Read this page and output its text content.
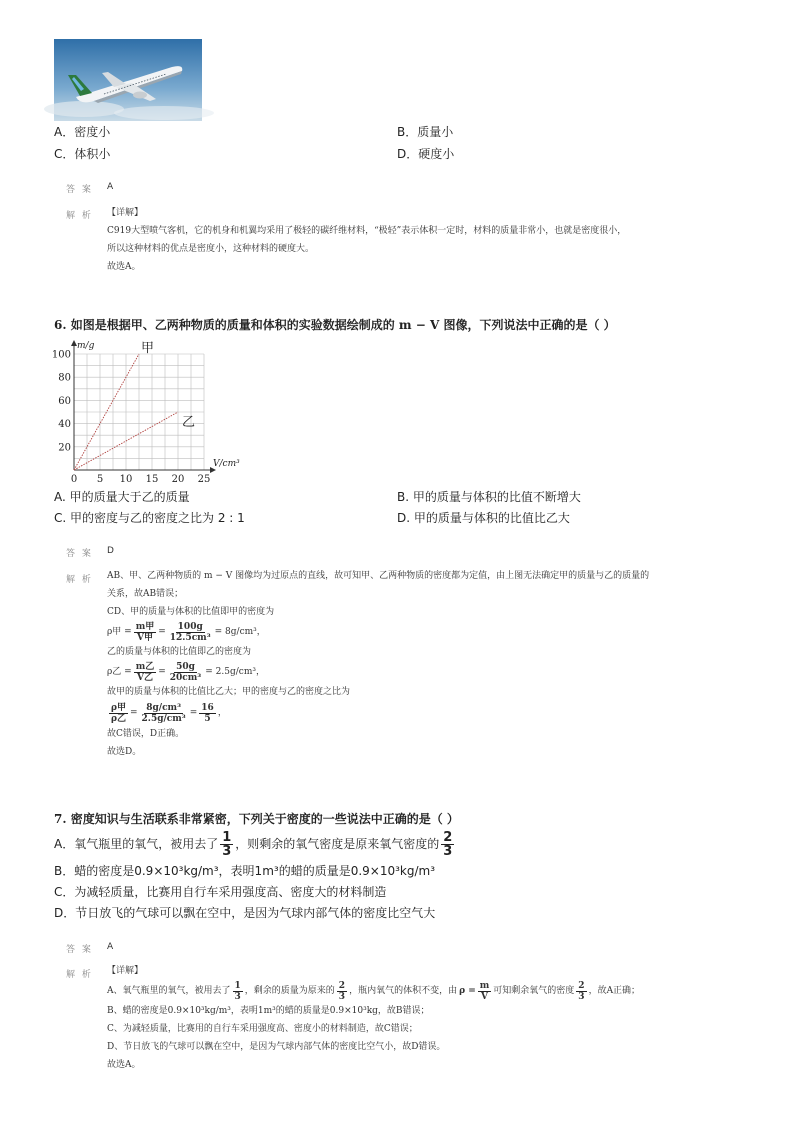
A．密度小	B．质量小
C．体积小	D．硬度小
答 案 A
解 析 【详解】
C919大型喷气客机，它的机身和机翼均采用了极轻的碳纤维材料，“极轻”表示体积一定时，材料的质量非常小，也就是密度很小，
所以这种材料的优点是密度小，这种材料的硬度大。
故选A。
6. 如图是根据甲、乙两种物质的质量和体积的实验数据绘制成的 m − V 图像，下列说法中正确的是（ ）
0 5 10 15 20 25
20
40
60
80
100
m/g
V/cm³
甲
乙
A. 甲的质量大于乙的质量	B. 甲的质量与体积的比值不断增大
C. 甲的密度与乙的密度之比为 2 : 1	D. 甲的质量与体积的比值比乙大
答 案 D
解 析 AB、甲、乙两种物质的 m − V 图像均为过原点的直线，故可知甲、乙两种物质的密度都为定值，由上图无法确定甲的质量与乙的质量的
关系，故AB错误；
CD、甲的质量与体积的比值即甲的密度为
ρ甲 = $\frac{\text{m甲}}{\text{V甲}} = \frac{100g}{\text{12.5cm³}} = 8g/cm^3$，
乙的质量与体积的比值即乙的密度为
ρ乙 = $\frac{\text{m乙}}{\text{V乙}} = \frac{50g}{\text{20cm³}} = 2.5g/cm^3$，
故甲的质量与体积的比值比乙大；甲的密度与乙的密度之比为
$\frac{\text{ρ甲}}{\text{ρ乙}} = \frac{\text{8g/cm³}}{\text{2.5g/cm³}} = \frac{16}{5}$ ，
故C错误，D正确。
故选D。
7. 密度知识与生活联系非常紧密，下列关于密度的一些说法中正确的是（ ）
A．氧气瓶里的氧气，被用去了 $\frac{1}{3}$ ，则剩余的氧气密度是原来氧气密度的 $\frac{2}{3}$
B．蜡的密度是0.9×10³kg/m³，表明1m³的蜡的质量是0.9×10³kg/m³
C．为减轻质量，比赛用自行车采用强度高、密度大的材料制造
D．节日放飞的气球可以飘在空中，是因为气球内部气体的密度比空气大
答 案 A
解 析 【详解】
A、氧气瓶里的氧气，被用去了 $\frac{1}{3}$ ，剩余的质量为原来的 $\frac{2}{3}$ ，瓶内氧气的体积不变，由 $\rho = \frac{m}{V}$ 可知剩余氧气的密度 $\frac{2}{3}$ ，故A正确；
B、蜡的密度是0.9×10³kg/m³，表明1m³的蜡的质量是0.9×10³kg，故B错误；
C、为减轻质量，比赛用的自行车采用强度高、密度小的材料制造，故C错误；
D、节日放飞的气球可以飘在空中，是因为气球内部气体的密度比空气小，故D错误。
故选A。
